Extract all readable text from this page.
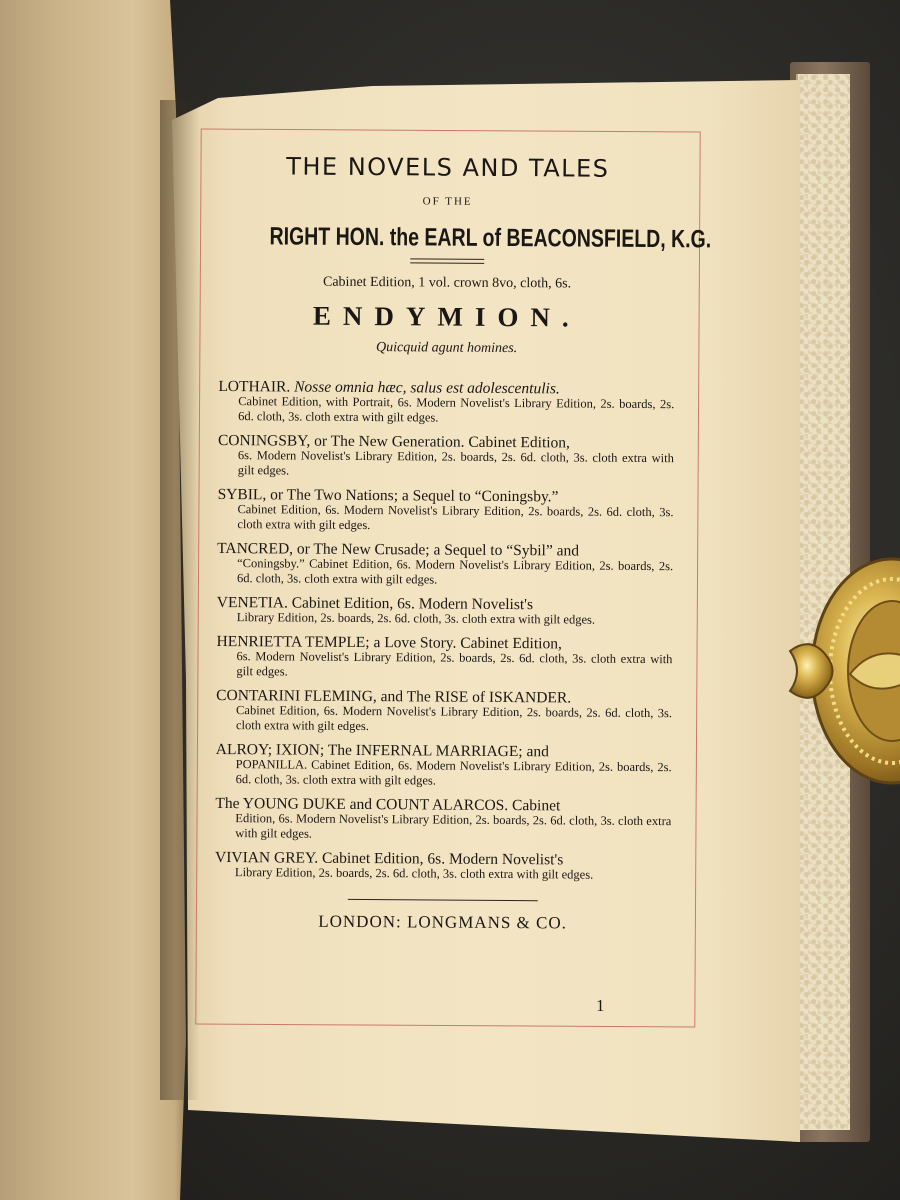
THE NOVELS AND TALES
OF THE
RIGHT HON. the EARL of BEACONSFIELD, K.G.
Cabinet Edition, 1 vol. crown 8vo, cloth, 6s.
ENDYMION.
Quicquid agunt homines.
LOTHAIR. Nosse omnia hæc, salus est adolescentulis.
Cabinet Edition, with Portrait, 6s. Modern Novelist's Library Edition, 2s. boards, 2s. 6d. cloth, 3s. cloth extra with gilt edges.
CONINGSBY, or The New Generation. Cabinet Edition,
6s. Modern Novelist's Library Edition, 2s. boards, 2s. 6d. cloth, 3s. cloth extra with gilt edges.
SYBIL, or The Two Nations; a Sequel to “Coningsby.”
Cabinet Edition, 6s. Modern Novelist's Library Edition, 2s. boards, 2s. 6d. cloth, 3s. cloth extra with gilt edges.
TANCRED, or The New Crusade; a Sequel to “Sybil” and
“Coningsby.” Cabinet Edition, 6s. Modern Novelist's Library Edition, 2s. boards, 2s. 6d. cloth, 3s. cloth extra with gilt edges.
VENETIA. Cabinet Edition, 6s. Modern Novelist's
Library Edition, 2s. boards, 2s. 6d. cloth, 3s. cloth extra with gilt edges.
HENRIETTA TEMPLE; a Love Story. Cabinet Edition,
6s. Modern Novelist's Library Edition, 2s. boards, 2s. 6d. cloth, 3s. cloth extra with gilt edges.
CONTARINI FLEMING, and The RISE of ISKANDER.
Cabinet Edition, 6s. Modern Novelist's Library Edition, 2s. boards, 2s. 6d. cloth, 3s. cloth extra with gilt edges.
ALROY; IXION; The INFERNAL MARRIAGE; and
POPANILLA. Cabinet Edition, 6s. Modern Novelist's Library Edition, 2s. boards, 2s. 6d. cloth, 3s. cloth extra with gilt edges.
The YOUNG DUKE and COUNT ALARCOS. Cabinet
Edition, 6s. Modern Novelist's Library Edition, 2s. boards, 2s. 6d. cloth, 3s. cloth extra with gilt edges.
VIVIAN GREY. Cabinet Edition, 6s. Modern Novelist's
Library Edition, 2s. boards, 2s. 6d. cloth, 3s. cloth extra with gilt edges.
LONDON: LONGMANS & CO.
1
